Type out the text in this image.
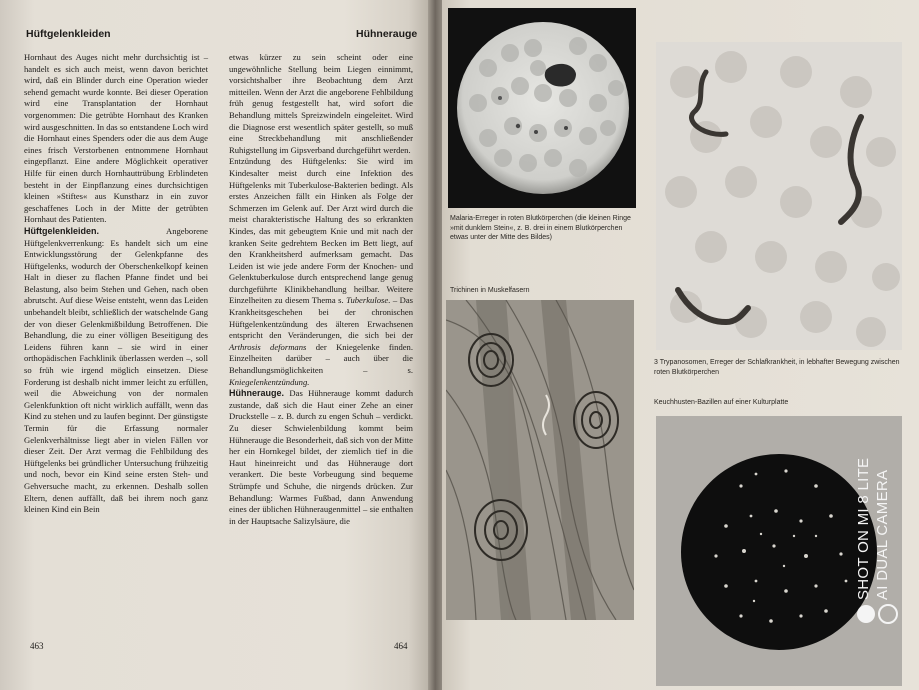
Hüftgelenkleiden	Hühnerauge

Hornhaut des Auges nicht mehr durchsichtig ist – handelt es sich auch meist, wenn davon berichtet wird, daß ein Blinder durch eine Operation wieder sehend gemacht wurde konnte. Bei dieser Operation wird eine Transplantation der Hornhaut vorgenommen: Die getrübte Hornhaut des Kranken wird ausgeschnitten. In das so entstandene Loch wird die Hornhaut eines Spenders oder die aus dem Auge eines frisch Verstorbenen entnommene Hornhaut eingepflanzt. Eine andere Möglichkeit operativer Hilfe für einen durch Hornhauttrübung Erblindeten besteht in der Einpflanzung eines durchsichtigen kleinen »Stiftes« aus Kunstharz in ein zuvor geschaffenes Loch in der Mitte der getrübten Hornhaut des Patienten.

Hüftgelenkleiden.	Angeborene Hüftgelenkverrenkung: Es handelt sich um eine Entwicklungsstörung der Gelenkpfanne des Hüftgelenks, wodurch der Oberschenkelkopf keinen Halt in dieser zu flachen Pfanne findet und bei Belastung, also beim Stehen und Gehen, nach oben abrutscht. Auf diese Weise entsteht, wenn das Leiden unbehandelt bleibt, schließlich der watschelnde Gang der von dieser Gelenkmißbildung Betroffenen. Die Behandlung, die zu einer völligen Beseitigung des Leidens führen kann – sie wird in einer orthopädischen Fachklinik überlassen werden –, soll so früh wie irgend möglich einsetzen. Diese Forderung ist deshalb nicht immer leicht zu erfüllen, weil die Abweichung von der normalen Gelenkfunktion oft nicht wirklich auffällt, wenn das Kind zu stehen und zu laufen beginnt. Der günstigste Termin für die Erfassung normaler Gelenkverhältnisse liegt aber in vielen Fällen vor dieser Zeit. Der Arzt vermag die Fehlbildung des Hüftgelenks bei gründlicher Untersuchung frühzeitig und noch, bevor ein Kind seine ersten Steh- und Gehversuche macht, zu erkennen. Deshalb sollen Eltern, denen auffällt, daß bei ihrem noch ganz kleinen Kind ein Bein

etwas kürzer zu sein scheint oder eine ungewöhnliche Stellung beim Liegen einnimmt, vorsichtshalber ihre Beobachtung dem Arzt mitteilen. Wenn der Arzt die angeborene Fehlbildung früh genug festgestellt hat, wird sofort die Behandlung mittels Spreizwindeln eingeleitet. Wird die Diagnose erst wesentlich später gestellt, so muß eine Streckbehandlung mit anschließender Ruhigstellung im Gipsverband durchgeführt werden.

Entzündung des Hüftgelenks: Sie wird im Kindesalter meist durch eine Infektion des Hüftgelenks mit Tuberkulose-Bakterien bedingt. Als erstes Anzeichen fällt ein Hinken als Folge der Schmerzen im Gelenk auf. Der Arzt wird durch die meist charakteristische Haltung des so erkrankten Kindes, das mit gebeugtem Knie und mit nach der kranken Seite gedrehtem Becken im Bett liegt, auf den Krankheitsherd aufmerksam gemacht. Das Leiden ist wie jede andere Form der Knochen- und Gelenktuberkulose durch entsprechend lange genug durchgeführte Klinikbehandlung heilbar. Weitere Einzelheiten zu diesem Thema s. Tuberkulose. – Das Krankheitsgeschehen bei der chronischen Hüftgelenkentzündung des älteren Erwachsenen entspricht den Veränderungen, die sich bei der Arthrosis deformans der Kniegelenke finden. Einzelheiten darüber – auch über die Behandlungsmöglichkeiten – s. Kniegelenkentzündung.

Hühnerauge. Das Hühnerauge kommt dadurch zustande, daß sich die Haut einer Zehe an einer Druckstelle – z. B. durch zu engen Schuh – verdickt. Zu dieser Schwielenbildung kommt beim Hühnerauge die Besonderheit, daß sich von der Mitte her ein Hornkegel bildet, der ziemlich tief in die Haut hineinreicht und das Hühnerauge dort verankert. Die beste Vorbeugung sind bequeme Strümpfe und Schuhe, die nirgends drücken. Zur Behandlung: Warmes Fußbad, dann Anwendung eines der üblichen Hühneraugenmittel – sie enthalten in der Hauptsache Salizylsäure, die

463	464
Malaria-Erreger in roten Blutkörperchen (die kleinen Ringe »mit dunklem Stein«, z. B. drei in einem Blutkörperchen etwas unter der Mitte des Bildes)
Trichinen in Muskelfasern
3 Trypanosomen, Erreger der Schlafkrankheit, in lebhafter Bewegung zwischen roten Blutkörperchen
Keuchhusten-Bazillen auf einer Kulturplatte
SHOT ON MI 8 LITE AI DUAL CAMERA
